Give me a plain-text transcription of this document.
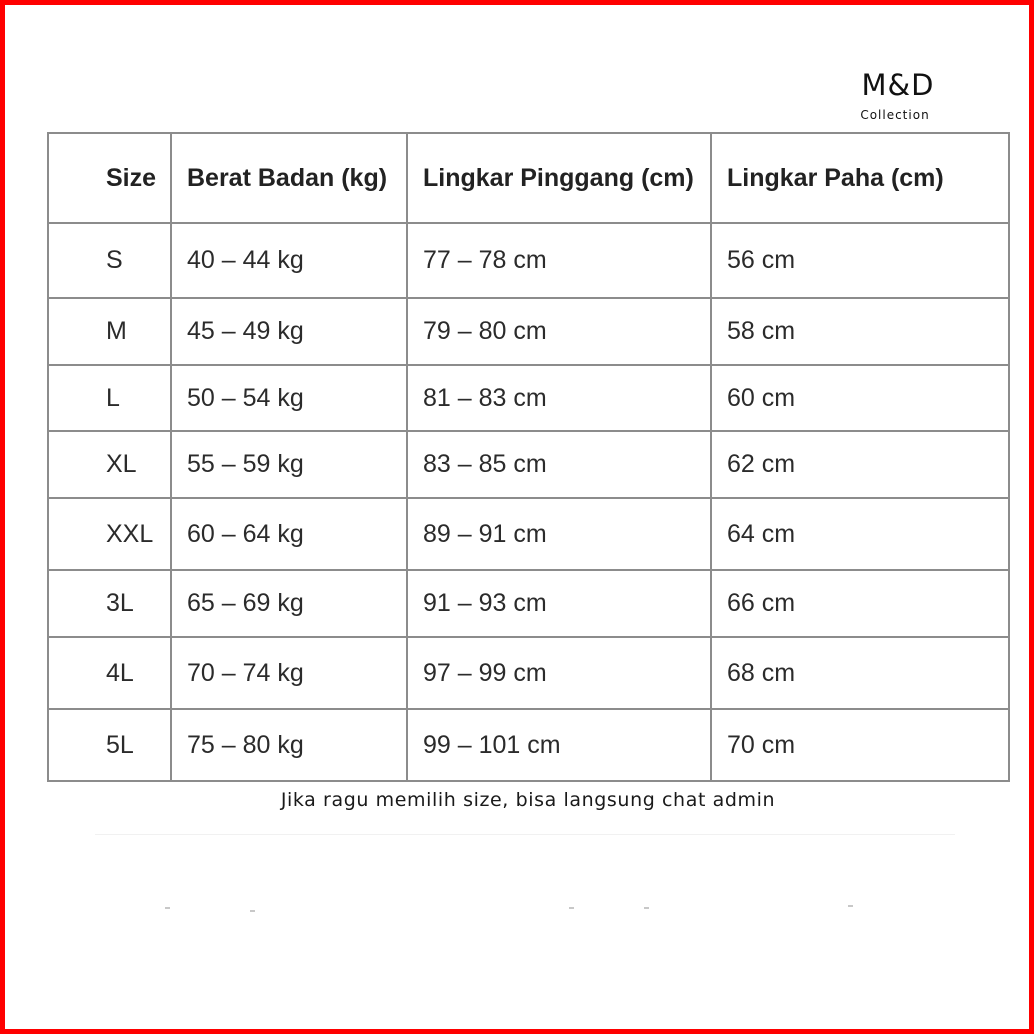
M&D
Collection
Size	Berat Badan (kg)	Lingkar Pinggang (cm)	Lingkar Paha (cm)
S	40 – 44 kg	77 – 78 cm	56 cm
M	45 – 49 kg	79 – 80 cm	58 cm
L	50 – 54 kg	81 – 83 cm	60 cm
XL	55 – 59 kg	83 – 85 cm	62 cm
XXL	60 – 64 kg	89 – 91 cm	64 cm
3L	65 – 69 kg	91 – 93 cm	66 cm
4L	70 – 74 kg	97 – 99 cm	68 cm
5L	75 – 80 kg	99 – 101 cm	70 cm
Jika ragu memilih size, bisa langsung chat admin
